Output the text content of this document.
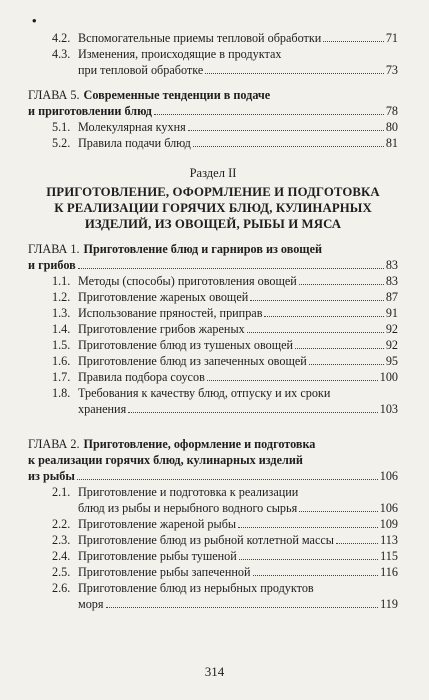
•
4.2. Вспомогательные приемы тепловой обработки	71
4.3. Изменения, происходящие в продуктах
при тепловой обработке	73
ГЛАВА 5. Современные тенденции в подаче
и приготовлении блюд	78
5.1. Молекулярная кухня	80
5.2. Правила подачи блюд	81
Раздел II
ПРИГОТОВЛЕНИЕ, ОФОРМЛЕНИЕ И ПОДГОТОВКА
К РЕАЛИЗАЦИИ ГОРЯЧИХ БЛЮД, КУЛИНАРНЫХ
ИЗДЕЛИЙ, ИЗ ОВОЩЕЙ, РЫБЫ И МЯСА
ГЛАВА 1. Приготовление блюд и гарниров из овощей
и грибов	83
1.1. Методы (способы) приготовления овощей	83
1.2. Приготовление жареных овощей	87
1.3. Использование пряностей, приправ	91
1.4. Приготовление грибов жареных	92
1.5. Приготовление блюд из тушеных овощей	92
1.6. Приготовление блюд из запеченных овощей	95
1.7. Правила подбора соусов	100
1.8. Требования к качеству блюд, отпуску и их сроки
хранения	103
ГЛАВА 2. Приготовление, оформление и подготовка
к реализации горячих блюд, кулинарных изделий
из рыбы	106
2.1. Приготовление и подготовка к реализации
блюд из рыбы и нерыбного водного сырья	106
2.2. Приготовление жареной рыбы	109
2.3. Приготовление блюд из рыбной котлетной массы	113
2.4. Приготовление рыбы тушеной	115
2.5. Приготовление рыбы запеченной	116
2.6. Приготовление блюд из нерыбных продуктов
моря	119
314
